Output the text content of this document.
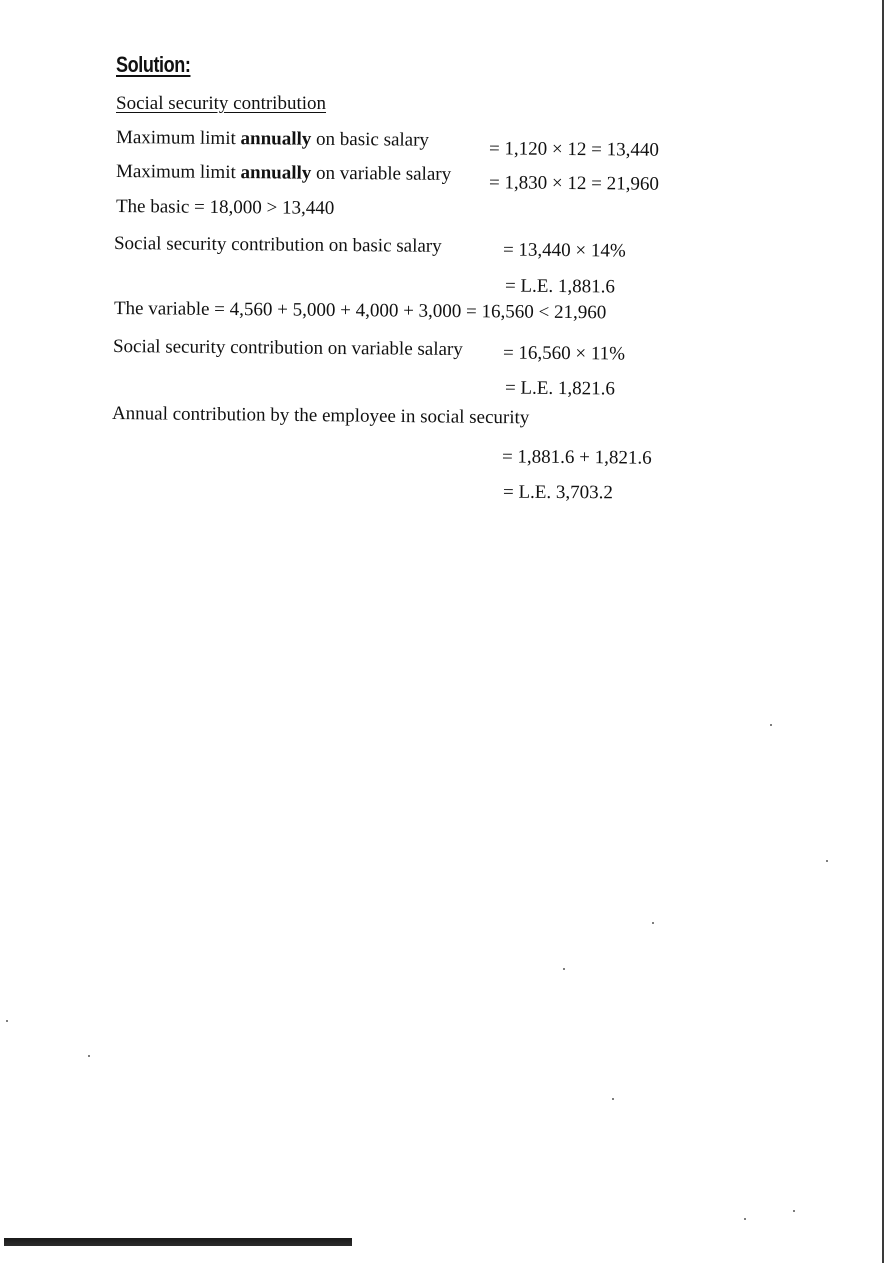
Solution:
Social security contribution
Maximum limit annually on basic salary	= 1,120 × 12 = 13,440
Maximum limit annually on variable salary = 1,830 × 12 = 21,960
The basic = 18,000 > 13,440
Social security contribution on basic salary	= 13,440 × 14%
= L.E. 1,881.6
The variable = 4,560 + 5,000 + 4,000 + 3,000 = 16,560 < 21,960
Social security contribution on variable salary = 16,560 × 11%
= L.E. 1,821.6
Annual contribution by the employee in social security
= 1,881.6 + 1,821.6
= L.E. 3,703.2
